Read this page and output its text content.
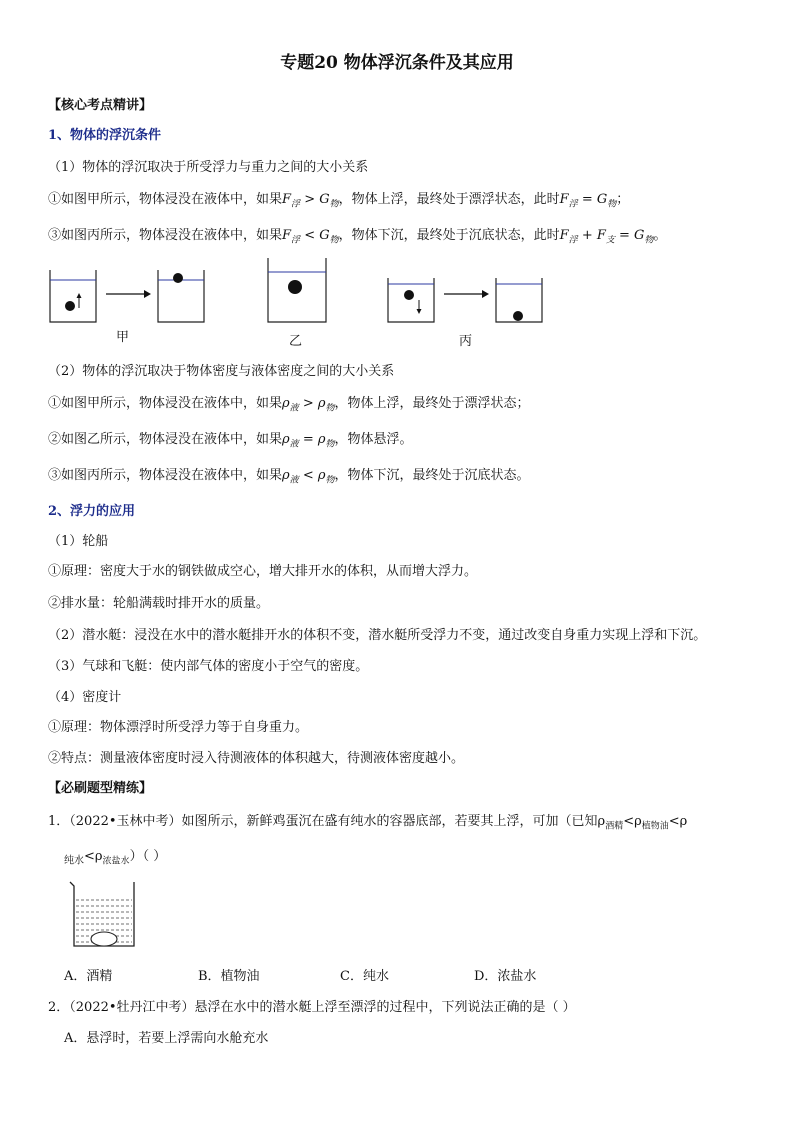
专题20 物体浮沉条件及其应用
【核心考点精讲】
1、物体的浮沉条件
（1）物体的浮沉取决于所受浮力与重力之间的大小关系
①如图甲所示，物体浸没在液体中，如果$F_浮 > G_物$，物体上浮，最终处于漂浮状态，此时$F_浮 = G_物$；
③如图丙所示，物体浸没在液体中，如果$F_浮 < G_物$，物体下沉，最终处于沉底状态，此时$F_浮 + F_支 = G_物$。
甲	乙	丙
（2）物体的浮沉取决于物体密度与液体密度之间的大小关系
①如图甲所示，物体浸没在液体中，如果$\rho_液 > \rho_物$，物体上浮，最终处于漂浮状态；
②如图乙所示，物体浸没在液体中，如果$\rho_液 = \rho_物$，物体悬浮。
③如图丙所示，物体浸没在液体中，如果$\rho_液 < \rho_物$，物体下沉，最终处于沉底状态。
2、浮力的应用
（1）轮船
①原理：密度大于水的钢铁做成空心，增大排开水的体积，从而增大浮力。
②排水量：轮船满载时排开水的质量。
（2）潜水艇：浸没在水中的潜水艇排开水的体积不变，潜水艇所受浮力不变，通过改变自身重力实现上浮和下沉。
（3）气球和飞艇：使内部气体的密度小于空气的密度。
（4）密度计
①原理：物体漂浮时所受浮力等于自身重力。
②特点：测量液体密度时浸入待测液体的体积越大，待测液体密度越小。
【必刷题型精练】
1．（2022•玉林中考）如图所示，新鲜鸡蛋沉在盛有纯水的容器底部，若要其上浮，可加（已知$\rho_{酒精}<\rho_{植物油}<\rho$
$_{纯水}<\rho_{浓盐水}$）（ ）
A．酒精	B．植物油	C．纯水	D．浓盐水
2．（2022•牡丹江中考）悬浮在水中的潜水艇上浮至漂浮的过程中，下列说法正确的是（ ）
A．悬浮时，若要上浮需向水舱充水
